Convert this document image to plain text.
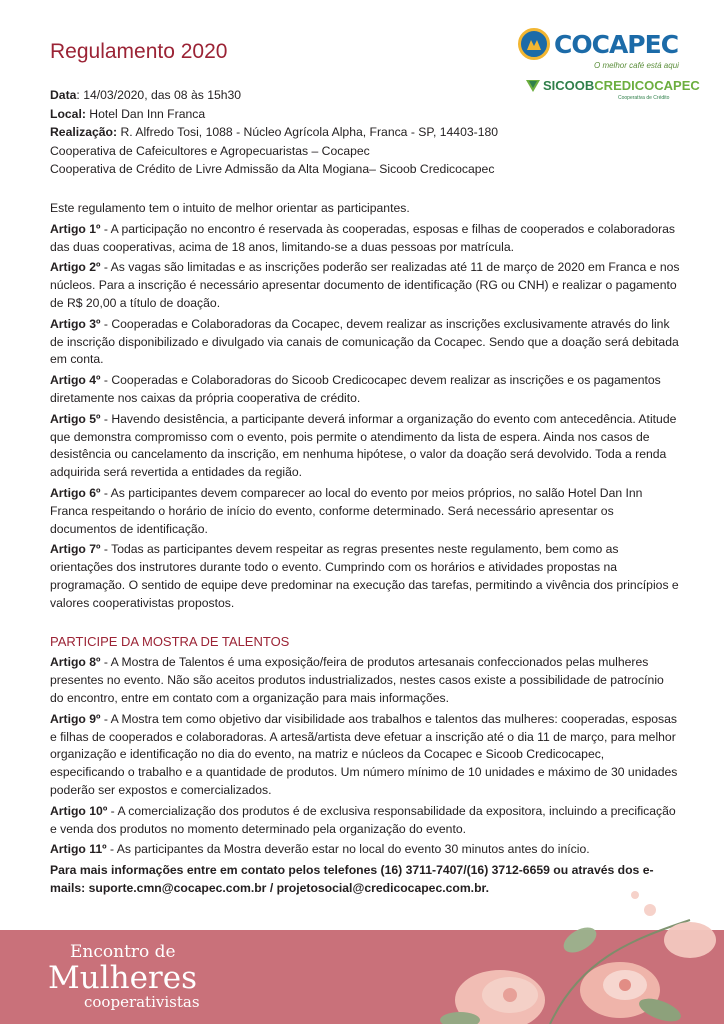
Regulamento 2020	COCAPEC
O melhor café está aqui
SICOOBCREDICOCAPEC
Cooperativa de Crédito
Data: 14/03/2020, das 08 às 15h30
Local: Hotel Dan Inn Franca
Realização: R. Alfredo Tosi, 1088 - Núcleo Agrícola Alpha, Franca - SP, 14403-180
Cooperativa de Cafeicultores e Agropecuaristas – Cocapec
Cooperativa de Crédito de Livre Admissão da Alta Mogiana– Sicoob Credicocapec

Este regulamento tem o intuito de melhor orientar as participantes.

Artigo 1º - A participação no encontro é reservada às cooperadas, esposas e filhas de cooperados e colaboradoras das duas cooperativas, acima de 18 anos, limitando-se a duas pessoas por matrícula.

Artigo 2º - As vagas são limitadas e as inscrições poderão ser realizadas até 11 de março de 2020 em Franca e nos núcleos. Para a inscrição é necessário apresentar documento de identificação (RG ou CNH) e realizar o pagamento de R$ 20,00 a título de doação.

Artigo 3º - Cooperadas e Colaboradoras da Cocapec, devem realizar as inscrições exclusivamente através do link de inscrição disponibilizado e divulgado via canais de comunicação da Cocapec. Sendo que a doação será debitada em conta.

Artigo 4º - Cooperadas e Colaboradoras do Sicoob Credicocapec devem realizar as inscrições e os pagamentos diretamente nos caixas da própria cooperativa de crédito.

Artigo 5º - Havendo desistência, a participante deverá informar a organização do evento com antecedência. Atitude que demonstra compromisso com o evento, pois permite o atendimento da lista de espera. Ainda nos casos de desistência ou cancelamento da inscrição, em nenhuma hipótese, o valor da doação será devolvido. Toda a renda adquirida será revertida a entidades da região.

Artigo 6º - As participantes devem comparecer ao local do evento por meios próprios, no salão Hotel Dan Inn Franca respeitando o horário de início do evento, conforme determinado. Será necessário apresentar os documentos de identificação.

Artigo 7º - Todas as participantes devem respeitar as regras presentes neste regulamento, bem como as orientações dos instrutores durante todo o evento. Cumprindo com os horários e atividades propostas na programação. O sentido de equipe deve predominar na execução das tarefas, permitindo a vivência dos princípios e valores cooperativistas propostos.

PARTICIPE DA MOSTRA DE TALENTOS

Artigo 8º - A Mostra de Talentos é uma exposição/feira de produtos artesanais confeccionados pelas mulheres presentes no evento. Não são aceitos produtos industrializados, nestes casos existe a possibilidade de patrocínio do encontro, entre em contato com a organização para mais informações.

Artigo 9º - A Mostra tem como objetivo dar visibilidade aos trabalhos e talentos das mulheres: cooperadas, esposas e filhas de cooperados e colaboradoras. A artesã/artista deve efetuar a inscrição até o dia 11 de março, para melhor organização e identificação no dia do evento, na matriz e núcleos da Cocapec e Sicoob Credicocapec, especificando o trabalho e a quantidade de produtos. Um número mínimo de 10 unidades e máximo de 30 unidades poderão ser expostos e comercializados.

Artigo 10º - A comercialização dos produtos é de exclusiva responsabilidade da expositora, incluindo a precificação e venda dos produtos no momento determinado pela organização do evento.

Artigo 11º - As participantes da Mostra deverão estar no local do evento 30 minutos antes do início.

Para mais informações entre em contato pelos telefones (16) 3711-7407/(16) 3712-6659 ou através dos e-mails: suporte.cmn@cocapec.com.br / projetosocial@credicocapec.com.br.

Encontro de
Mulheres
cooperativistas
